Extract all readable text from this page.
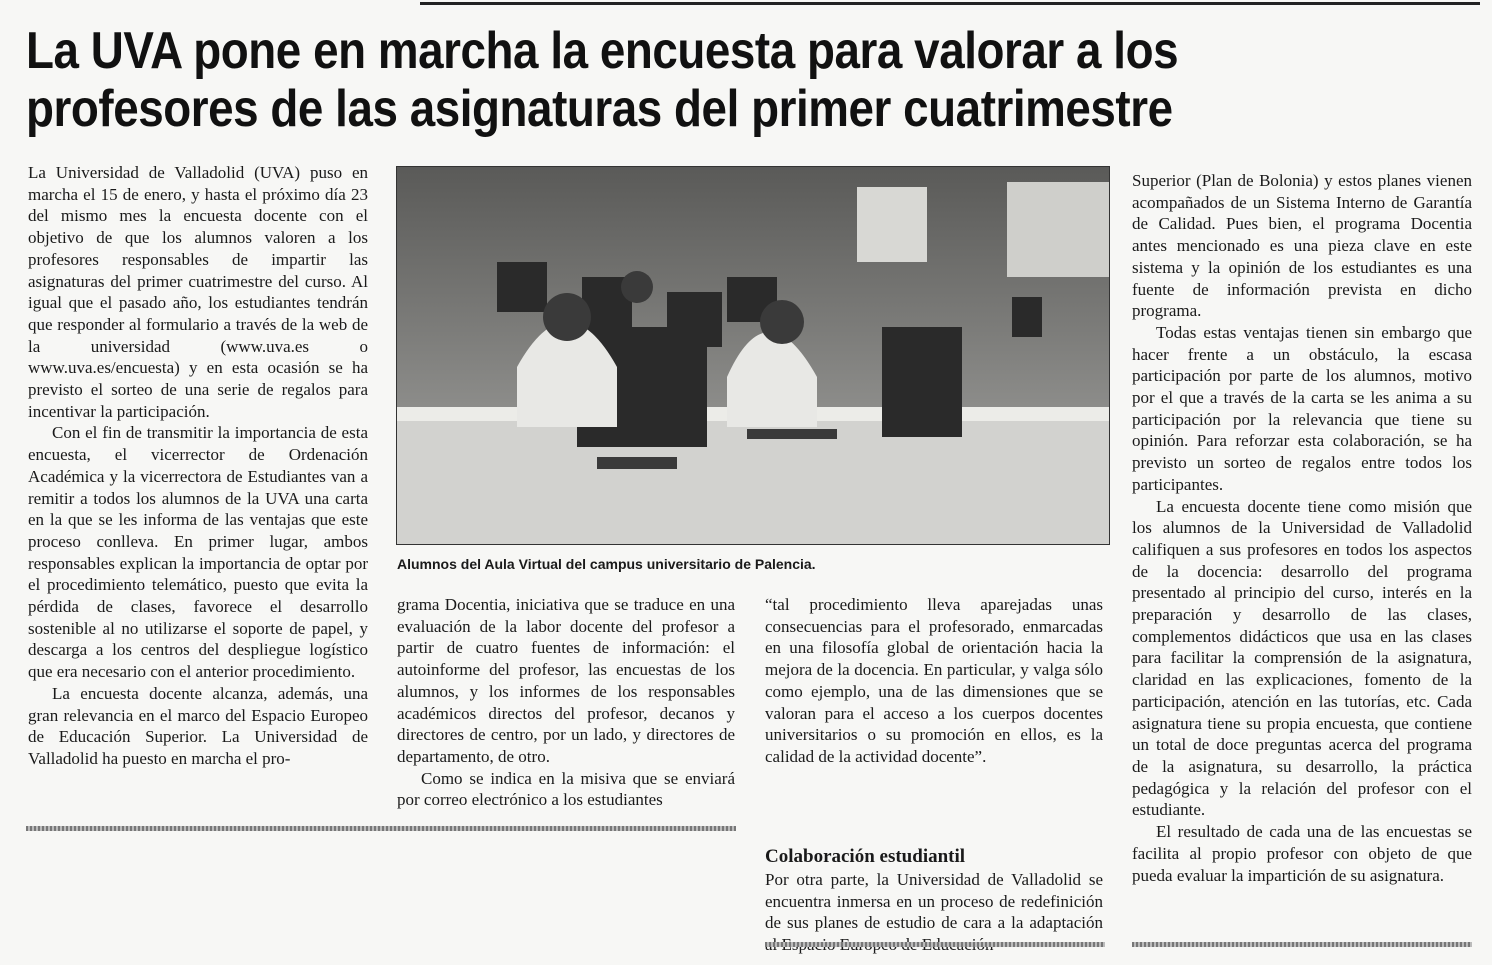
La UVA pone en marcha la encuesta para valorar a los
profesores de las asignaturas del primer cuatrimestre

La Universidad de Valladolid (UVA) puso en marcha el 15 de enero, y hasta el próximo día 23 del mismo mes la encuesta docente con el objetivo de que los alumnos valoren a los profesores responsables de impartir las asignaturas del primer cuatrimestre del curso. Al igual que el pasado año, los estudiantes tendrán que responder al formulario a través de la web de la universidad (www.uva.es o www.uva.es/encuesta) y en esta ocasión se ha previsto el sorteo de una serie de regalos para incentivar la participación.

Con el fin de transmitir la importancia de esta encuesta, el vicerrector de Ordenación Académica y la vicerrectora de Estudiantes van a remitir a todos los alumnos de la UVA una carta en la que se les informa de las ventajas que este proceso conlleva. En primer lugar, ambos responsables explican la importancia de optar por el procedimiento telemático, puesto que evita la pérdida de clases, favorece el desarrollo sostenible al no utilizarse el soporte de papel, y descarga a los centros del despliegue logístico que era necesario con el anterior procedimiento.

La encuesta docente alcanza, además, una gran relevancia en el marco del Espacio Europeo de Educación Superior. La Universidad de Valladolid ha puesto en marcha el pro-

Alumnos del Aula Virtual del campus universitario de Palencia.

grama Docentia, iniciativa que se traduce en una evaluación de la labor docente del profesor a partir de cuatro fuentes de información: el autoinforme del profesor, las encuestas de los alumnos, y los informes de los responsables académicos directos del profesor, decanos y directores de centro, por un lado, y directores de departamento, de otro.

Como se indica en la misiva que se enviará por correo electrónico a los estudiantes

“tal procedimiento lleva aparejadas unas consecuencias para el profesorado, enmarcadas en una filosofía global de orientación hacia la mejora de la docencia. En particular, y valga sólo como ejemplo, una de las dimensiones que se valoran para el acceso a los cuerpos docentes universitarios o su promoción en ellos, es la calidad de la actividad docente”.

Colaboración estudiantil

Por otra parte, la Universidad de Valladolid se encuentra inmersa en un proceso de redefinición de sus planes de estudio de cara a la adaptación

Superior (Plan de Bolonia) y estos planes vienen acompañados de un Sistema Interno de Garantía de Calidad. Pues bien, el programa Docentia antes mencionado es una pieza clave en este sistema y la opinión de los estudiantes es una fuente de información prevista en dicho programa.

Todas estas ventajas tienen sin embargo que hacer frente a un obstáculo, la escasa participación por parte de los alumnos, motivo por el que a través de la carta se les anima a su participación por la relevancia que tiene su opinión. Para reforzar esta colaboración, se ha previsto un sorteo de regalos entre todos los participantes.

La encuesta docente tiene como misión que los alumnos de la Universidad de Valladolid califiquen a sus profesores en todos los aspectos de la docencia: desarrollo del programa presentado al principio del curso, interés en la preparación y desarrollo de las clases, complementos didácticos que usa en las clases para facilitar la comprensión de la asignatura, claridad en las explicaciones, fomento de la participación, atención en las tutorías, etc. Cada asignatura tiene su propia encuesta, que contiene un total de doce preguntas acerca del programa de la asignatura, su desarrollo, la práctica pedagógica y la relación del profesor con el estudiante.

El resultado de cada una de las encuestas se facilita al propio profesor con objeto de que pueda evaluar la impartición de su asignatura.
